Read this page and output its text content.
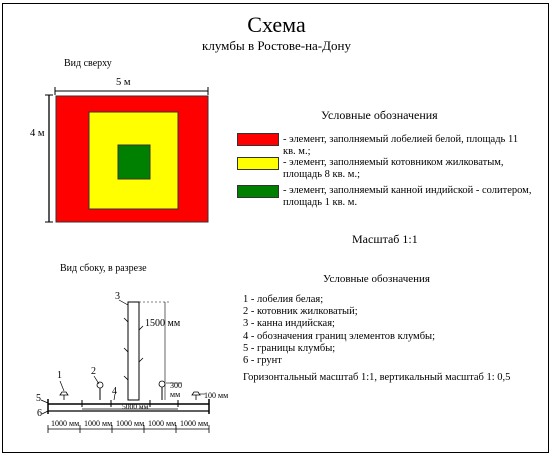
Схема
клумбы в Ростове-на-Дону
Вид сверху
5 м
4 м
Условные обозначения
- элемент, заполняемый лобелией белой, площадь 11 кв. м.;
- элемент, заполняемый котовником жилковатым, площадь 8 кв. м.;
- элемент, заполняемый канной индийской - солитером, площадь 1 кв. м.
Масштаб 1:1
Вид сбоку, в разрезе
1	2
3
4
5
6
1500 мм
300 мм	100 мм
5000 мм
1000 мм 1000 мм 1000 мм 1000 мм 1000 мм
Условные обозначения
1 - лобелия белая;
2 - котовник жилковатый;
3 - канна индийская;
4 - обозначения границ элементов клумбы;
5 - границы клумбы;
6 - грунт
Горизонтальный масштаб 1:1, вертикальный масштаб 1: 0,5
